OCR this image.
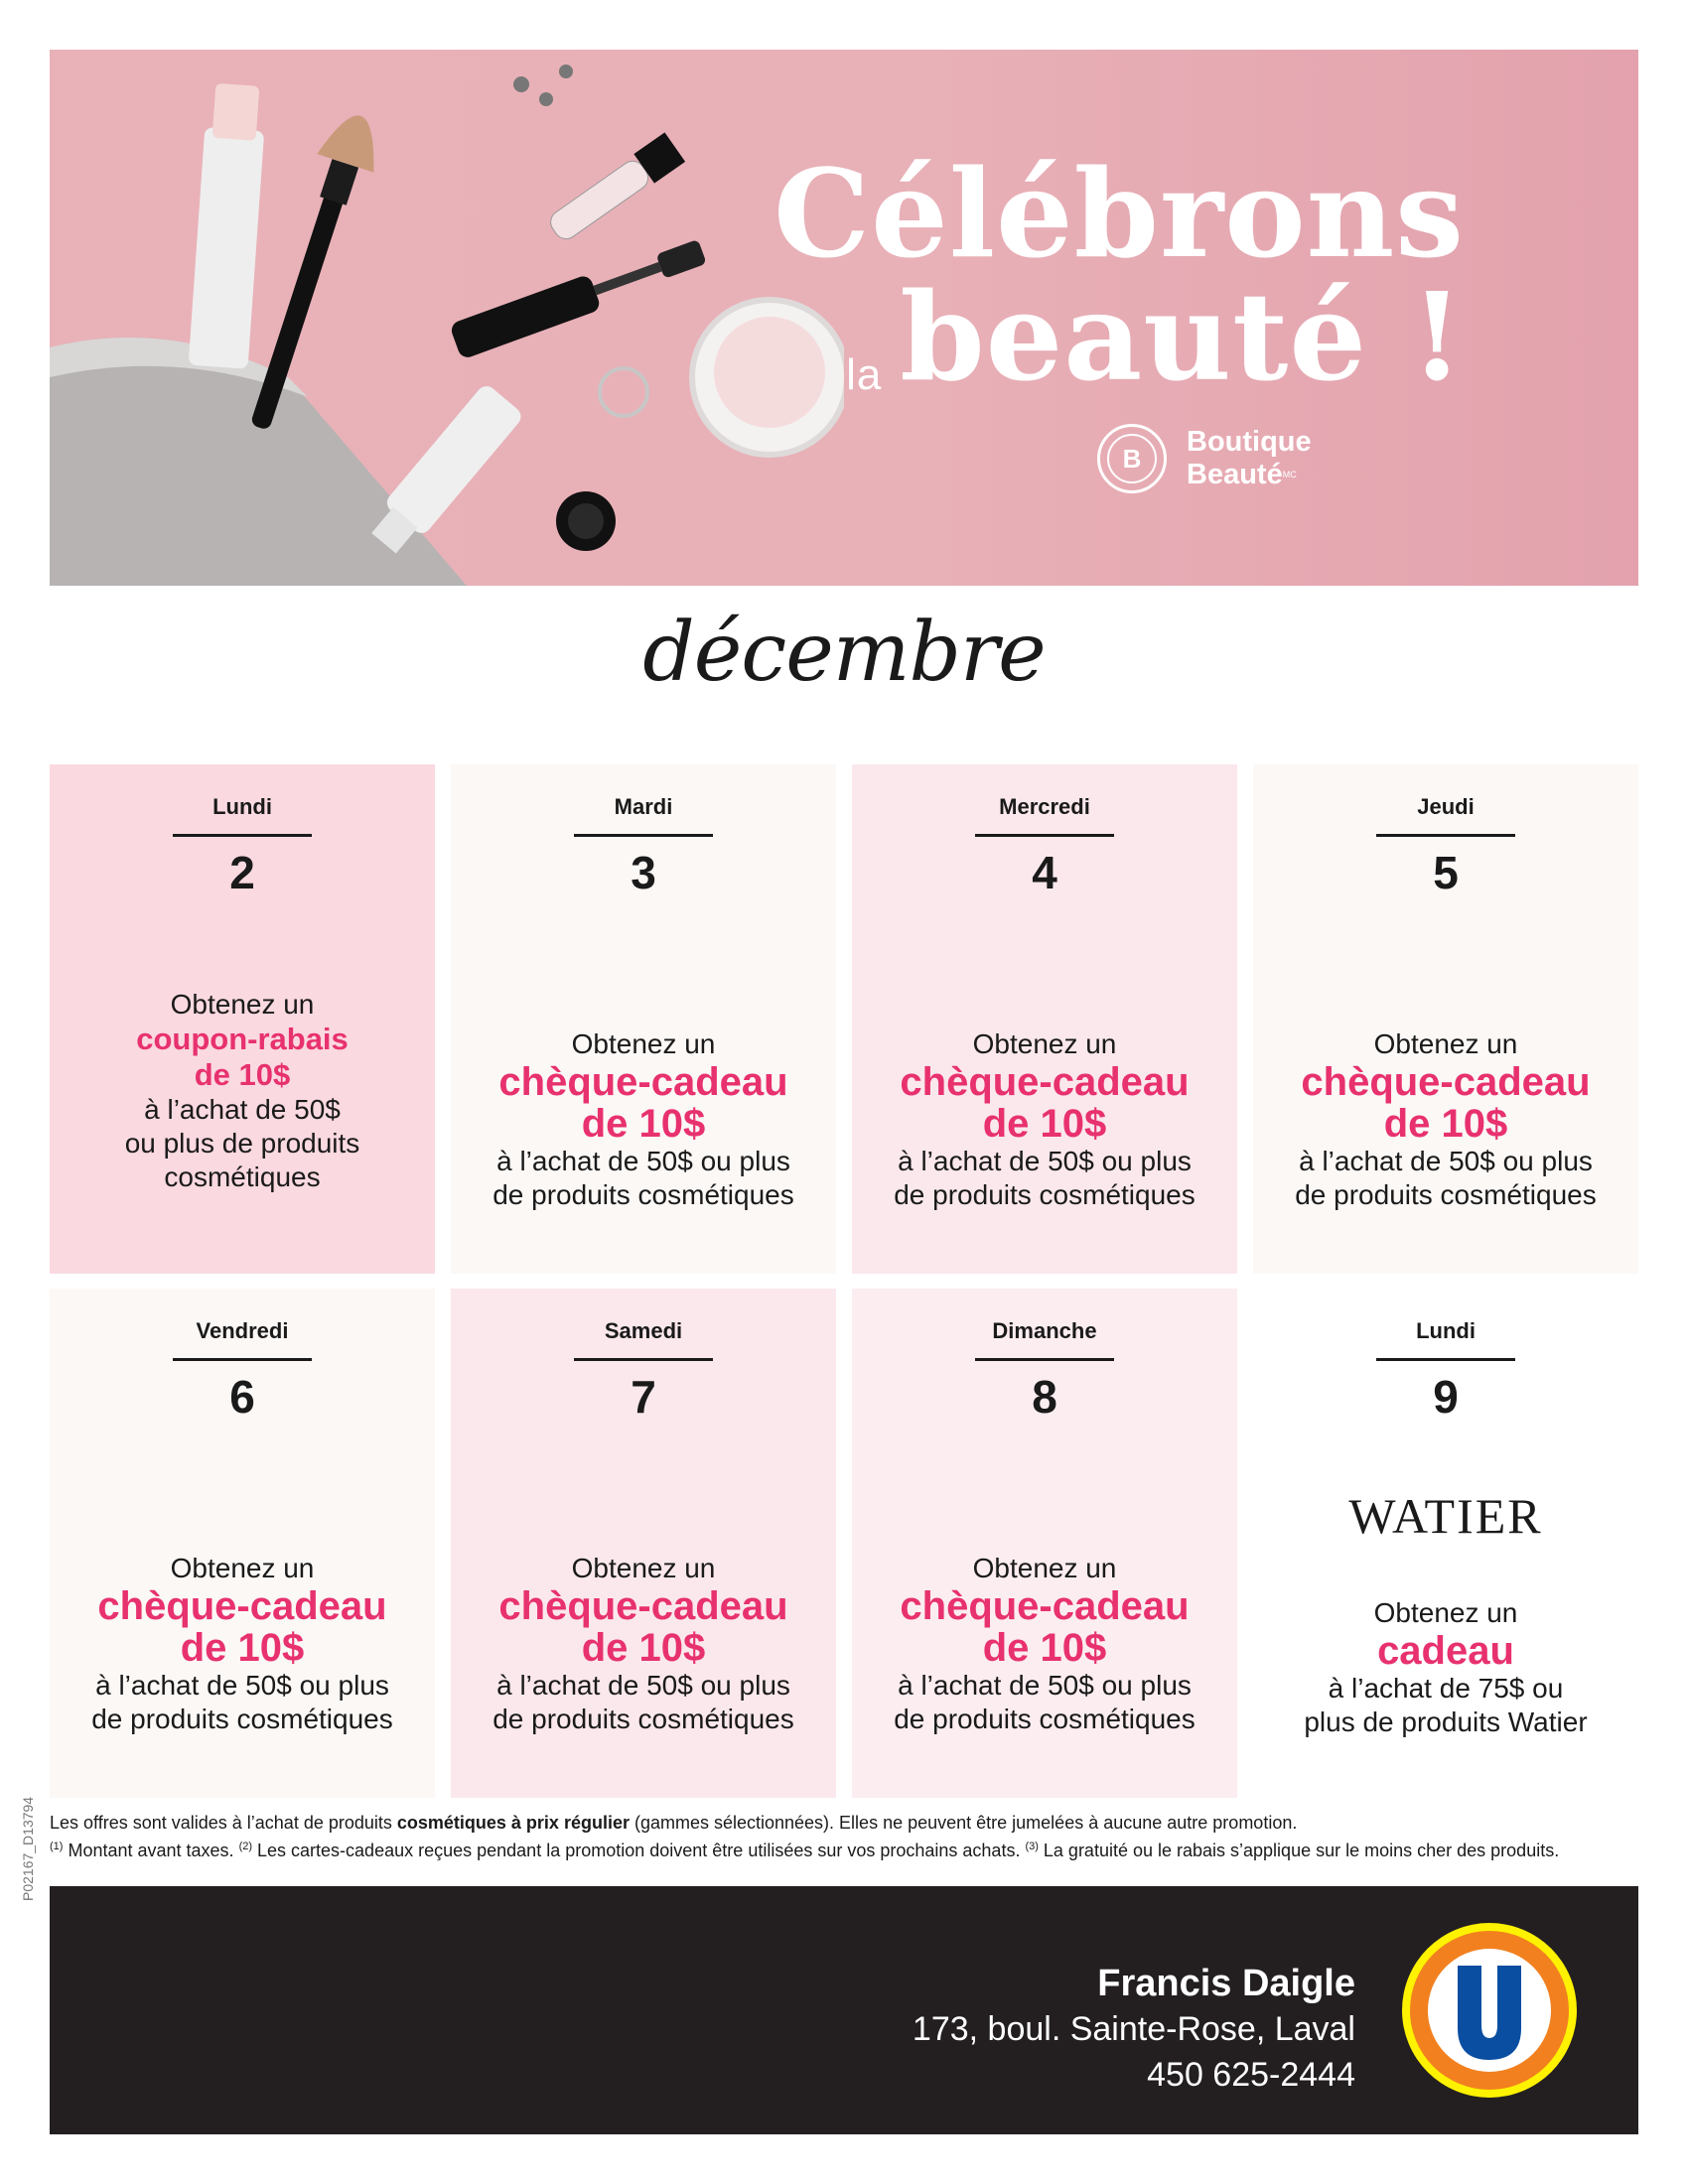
Célébrons
la beauté !
B
Boutique
Beauté$^{MC}$
décembre
Lundi
2
Obtenez un
coupon-rabais
de 10$
à l’achat de 50$
ou plus de produits
cosmétiques
Mardi
3
Obtenez un
chèque-cadeau
de 10$
à l’achat de 50$ ou plus
de produits cosmétiques
Mercredi
4
Obtenez un
chèque-cadeau
de 10$
à l’achat de 50$ ou plus
de produits cosmétiques
Jeudi
5
Obtenez un
chèque-cadeau
de 10$
à l’achat de 50$ ou plus
de produits cosmétiques
Vendredi
6
Obtenez un
chèque-cadeau
de 10$
à l’achat de 50$ ou plus
de produits cosmétiques
Samedi
7
Obtenez un
chèque-cadeau
de 10$
à l’achat de 50$ ou plus
de produits cosmétiques
Dimanche
8
Obtenez un
chèque-cadeau
de 10$
à l’achat de 50$ ou plus
de produits cosmétiques
Lundi
9
WATIER
Obtenez un
cadeau
à l’achat de 75$ ou
plus de produits Watier
P02167_D13794 Les offres sont valides à l’achat de produits cosmétiques à prix régulier (gammes sélectionnées). Elles ne peuvent être jumelées à aucune autre promotion.
$^{(1)}$ Montant avant taxes. $^{(2)}$ Les cartes-cadeaux reçues pendant la promotion doivent être utilisées sur vos prochains achats. $^{(3)}$ La gratuité ou le rabais s’applique sur le moins cher des produits.
Francis Daigle
173, boul. Sainte-Rose, Laval
450 625-2444
